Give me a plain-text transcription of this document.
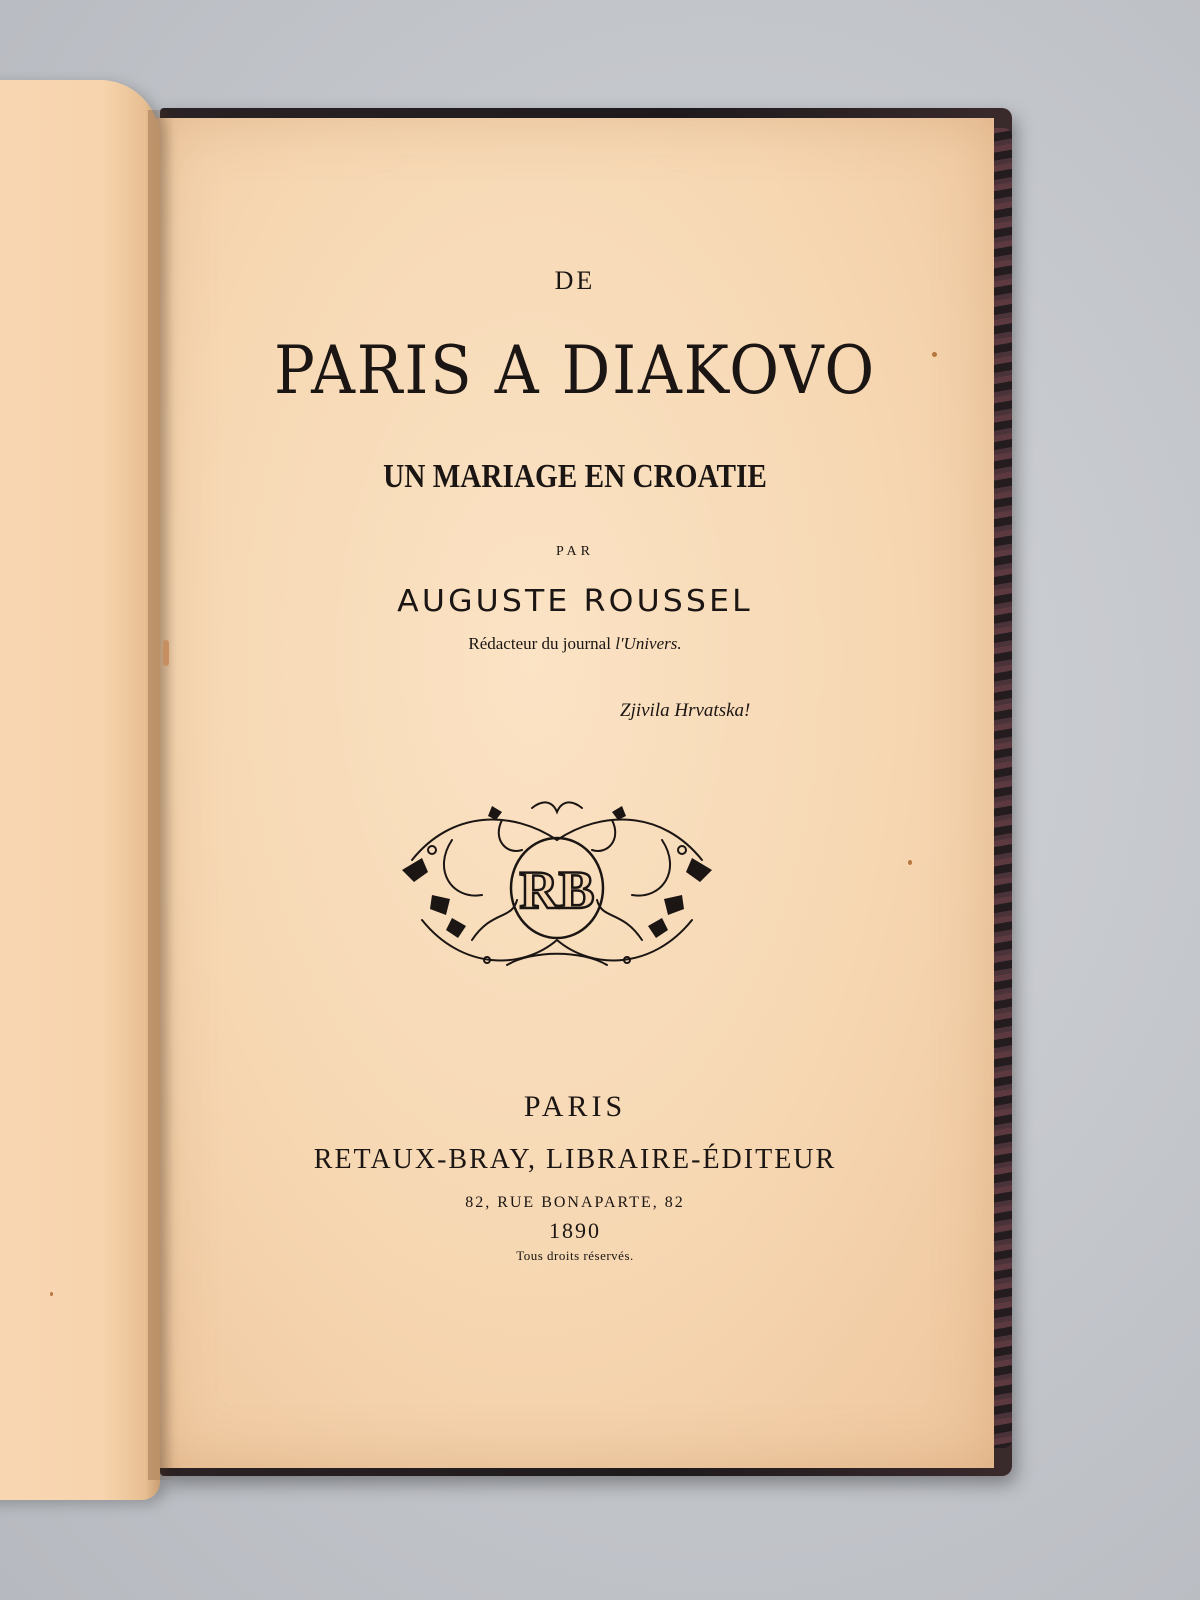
DE
PARIS A DIAKOVO
UN MARIAGE EN CROATIE
PAR
AUGUSTE ROUSSEL
Rédacteur du journal l'Univers.
Zjivila Hrvatska!
RB
PARIS
RETAUX-BRAY, LIBRAIRE-ÉDITEUR
82, RUE BONAPARTE, 82
1890
Tous droits réservés.
